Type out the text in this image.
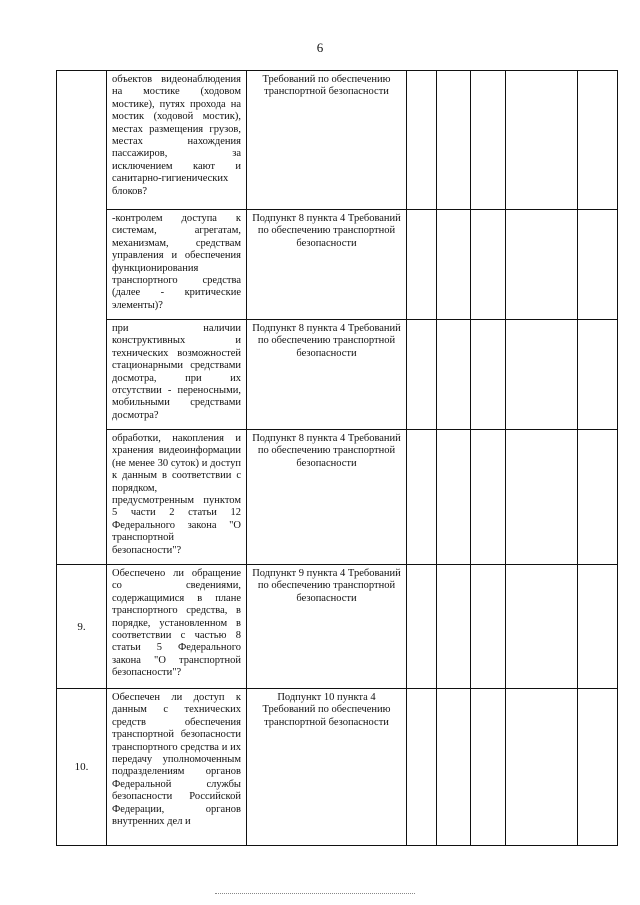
6

	объектов видеонаблюдения на мостике (ходовом мостике), путях прохода на мостик (ходовой мостик), местах размещения грузов, местах нахождения пассажиров, за исключением кают и санитарно-гигиенических блоков?	Требований по обеспечению транспортной безопасности					

	-контролем доступа к системам, агрегатам, механизмам, средствам управления и обеспечения функционирования транспортного средства (далее - критические элементы)?	Подпункт 8 пункта 4 Требований по обеспечению транспортной безопасности					

	при наличии конструктивных и технических возможностей стационарными средствами досмотра, при их отсутствии - переносными, мобильными средствами досмотра?	Подпункт 8 пункта 4 Требований по обеспечению транспортной безопасности					

	обработки, накопления и хранения видеоинформации (не менее 30 суток) и доступ к данным в соответствии с порядком, предусмотренным пунктом 5 части 2 статьи 12 Федерального закона "О транспортной безопасности"?	Подпункт 8 пункта 4 Требований по обеспечению транспортной безопасности					
9.	Обеспечено ли обращение со сведениями, содержащимися в плане транспортного средства, в порядке, установленном в соответствии с частью 8 статьи 5 Федерального закона "О транспортной безопасности"?	Подпункт 9 пункта 4 Требований по обеспечению транспортной безопасности					
10.	Обеспечен ли доступ к данным с технических средств обеспечения транспортной безопасности транспортного средства и их передачу уполномоченным подразделениям органов Федеральной службы безопасности Российской Федерации, органов внутренних дел и	Подпункт 10 пункта 4 Требований по обеспечению транспортной безопасности					
